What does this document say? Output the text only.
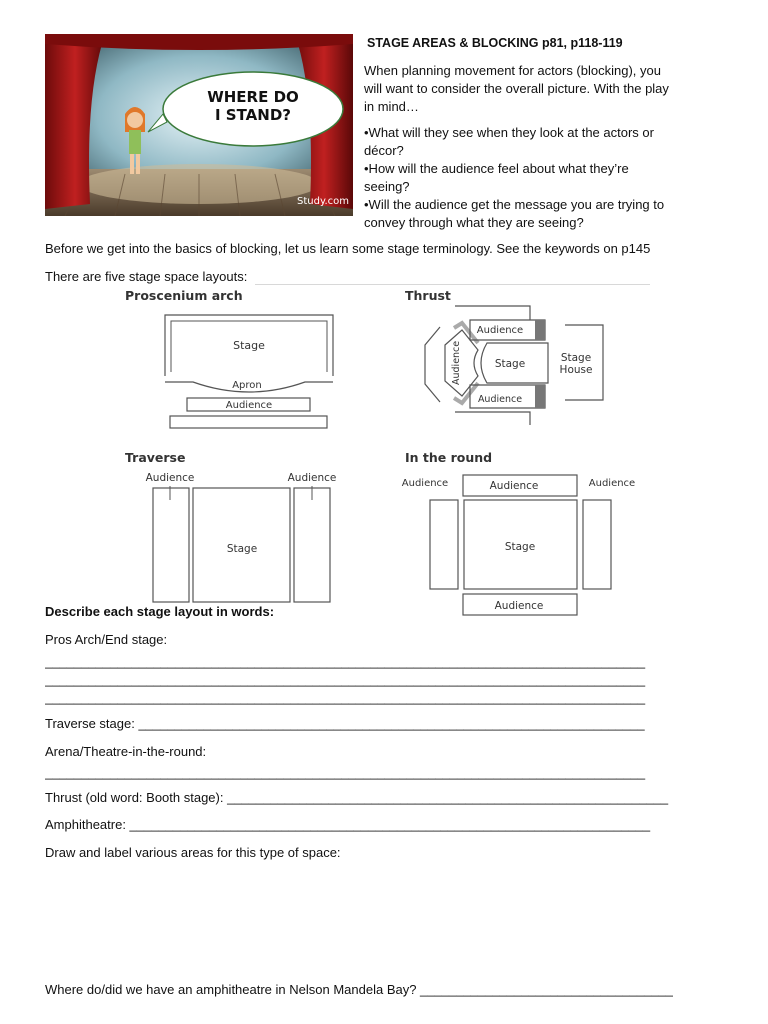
WHERE DO
I STAND?
Study.com
STAGE AREAS & BLOCKING p81, p118-119
When planning movement for actors (blocking), you will want to consider the overall picture. With the play in mind…
•What will they see when they look at the actors or décor?
•How will the audience feel about what they’re seeing?
•Will the audience get the message you are trying to convey through what they are seeing?
Before we get into the basics of blocking, let us learn some stage terminology. See the keywords on p145
There are five stage space layouts:
Proscenium arch
Stage
Apron
Audience
Thrust
Audience
Audience
Stage
Audience	Stage
House
Traverse
Audience	Audience
Stage
In the round
Audience	Audience
Audience
Stage
Audience
Describe each stage layout in words:
Pros Arch/End stage:
___________________________________________________________________________________
___________________________________________________________________________________
___________________________________________________________________________________
Traverse stage: ______________________________________________________________________
Arena/Theatre-in-the-round:
___________________________________________________________________________________
Thrust (old word: Booth stage): _____________________________________________________________
Amphitheatre: ________________________________________________________________________
Draw and label various areas for this type of space:
Where do/did we have an amphitheatre in Nelson Mandela Bay? ___________________________________
